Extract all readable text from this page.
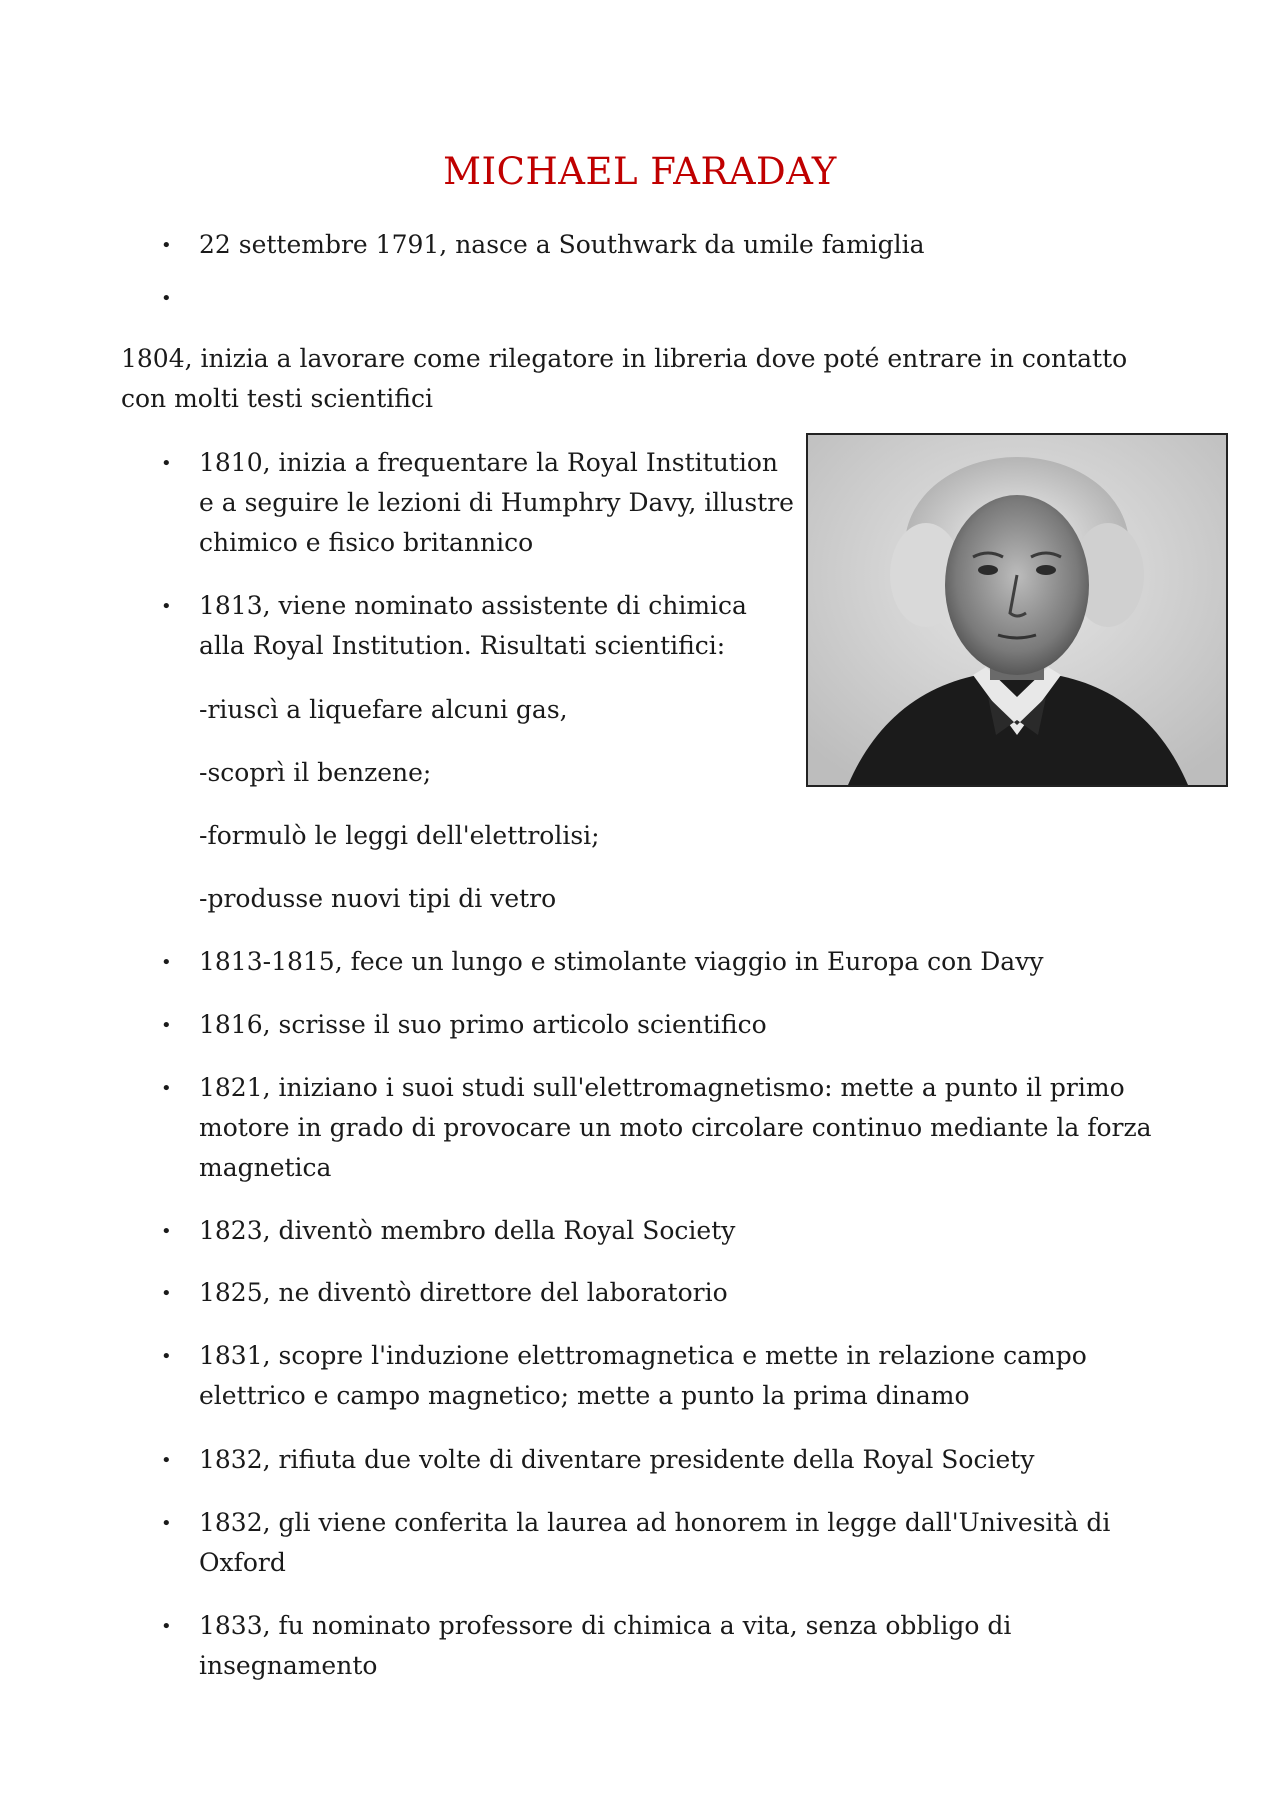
MICHAEL FARADAY
• 22 settembre 1791, nasce a Southwark da umile famiglia
•
1804, inizia a lavorare come rilegatore in libreria dove poté entrare in contatto
con molti testi scientifici
• 1810, inizia a frequentare la Royal Institution
e a seguire le lezioni di Humphry Davy, illustre
chimico e fisico britannico
• 1813, viene nominato assistente di chimica
alla Royal Institution. Risultati scientifici:
-riuscì a liquefare alcuni gas,
-scoprì il benzene;
-formulò le leggi dell'elettrolisi;
-produsse nuovi tipi di vetro
• 1813-1815, fece un lungo e stimolante viaggio in Europa con Davy
• 1816, scrisse il suo primo articolo scientifico
• 1821, iniziano i suoi studi sull'elettromagnetismo: mette a punto il primo
motore in grado di provocare un moto circolare continuo mediante la forza
magnetica
• 1823, diventò membro della Royal Society
• 1825, ne diventò direttore del laboratorio
• 1831, scopre l'induzione elettromagnetica e mette in relazione campo
elettrico e campo magnetico; mette a punto la prima dinamo
• 1832, rifiuta due volte di diventare presidente della Royal Society
• 1832, gli viene conferita la laurea ad honorem in legge dall'Univesità di
Oxford
• 1833, fu nominato professore di chimica a vita, senza obbligo di
insegnamento
